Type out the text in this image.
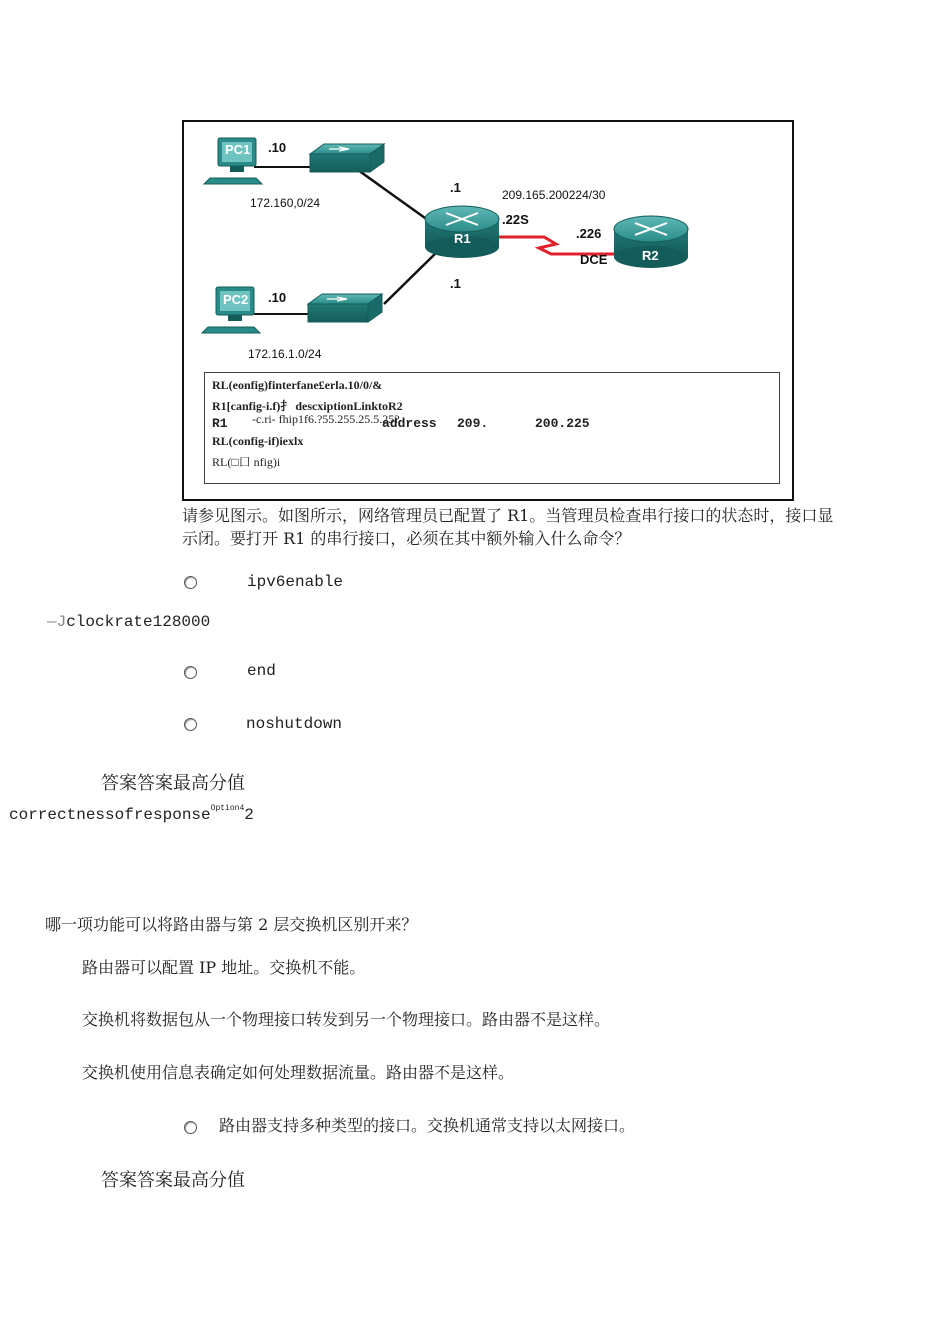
PC1 .10
172.160,0/24
PC2 .10
172.16.1.0/24
R1
R2
.1
.1
209.165.200224/30
.22S
.226
DCE
RL(eonfig)finterfane£erla.10/0/&
R1[canfig-i.f)扌 descxiptionLinktoR2
R1 -c.ri- fhip1f6.?55.255.25.5.25?
address 209.	200.225
RL(config-if)iexlx
RL(□口 nfig)i
请参见图示。如图所示，网络管理员已配置了 R1。当管理员检查串行接口的状态时，接口显
示闭。要打开 R1 的串行接口，必须在其中额外输入什么命令？
ipv6enable
—Jclockrate128000
end
noshutdown
答案答案最高分值
correctnessofresponse$^{Option4}$2
哪一项功能可以将路由器与第 2 层交换机区别开来？
路由器可以配置 IP 地址。交换机不能。
交换机将数据包从一个物理接口转发到另一个物理接口。路由器不是这样。
交换机使用信息表确定如何处理数据流量。路由器不是这样。
路由器支持多种类型的接口。交换机通常支持以太网接口。
答案答案最高分值
